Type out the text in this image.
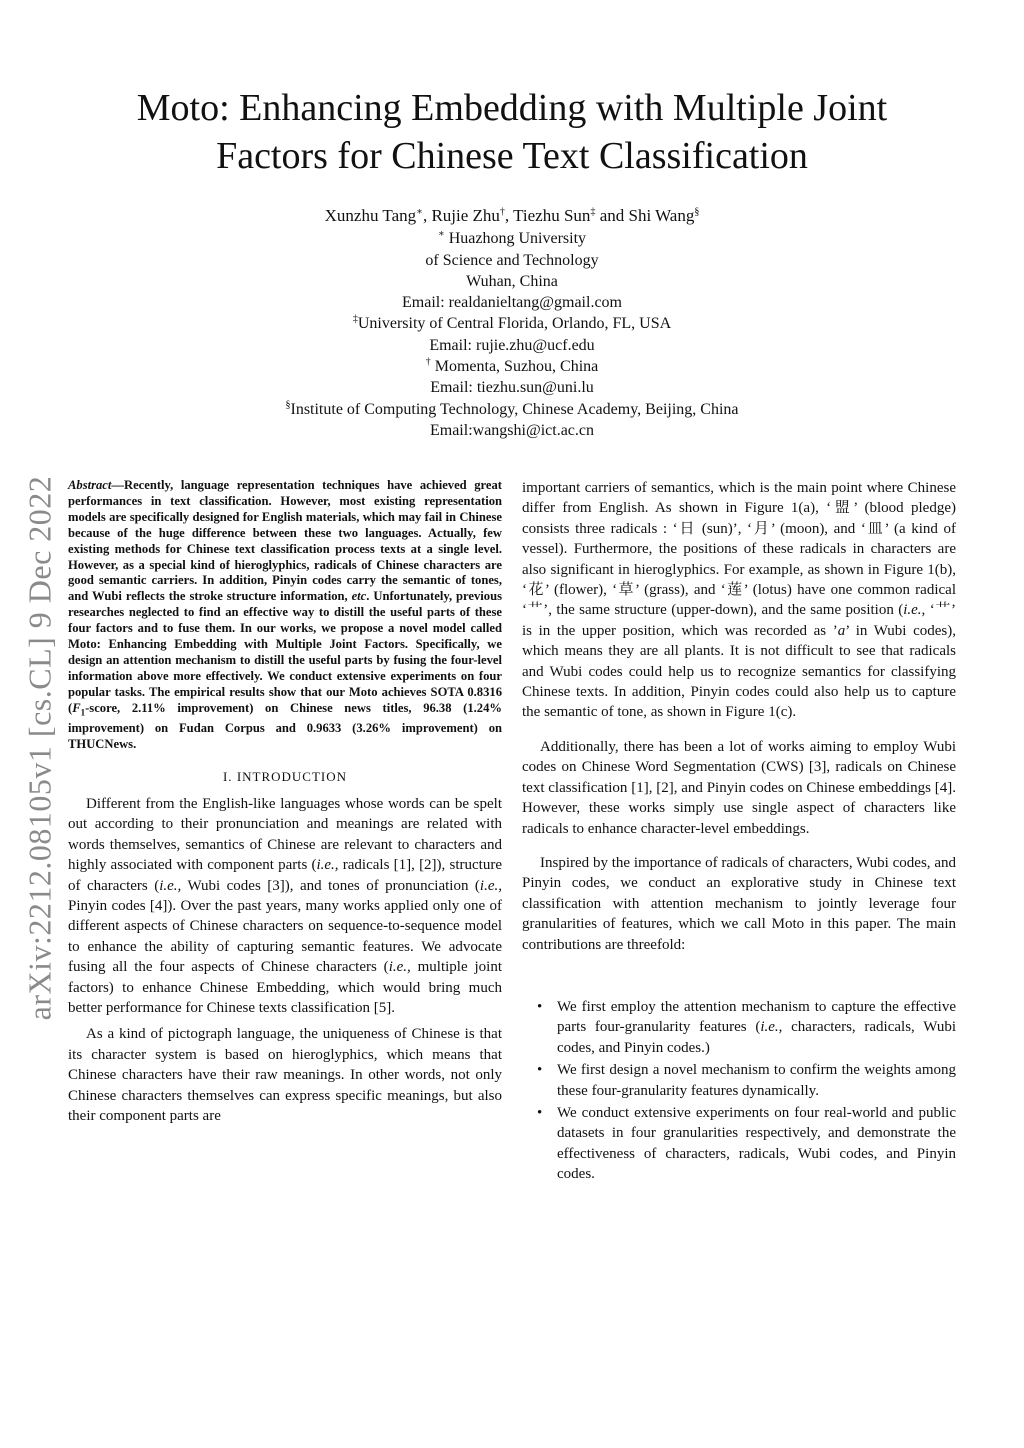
Moto: Enhancing Embedding with Multiple Joint
Factors for Chinese Text Classification
Xunzhu Tang∗, Rujie Zhu†, Tiezhu Sun‡ and Shi Wang§
∗ Huazhong University
of Science and Technology
Wuhan, China
Email: realdanieltang@gmail.com
‡University of Central Florida, Orlando, FL, USA
Email: rujie.zhu@ucf.edu
† Momenta, Suzhou, China
Email: tiezhu.sun@uni.lu
§Institute of Computing Technology, Chinese Academy, Beijing, China
Email:wangshi@ict.ac.cn
arXiv:2212.08105v1 [cs.CL] 9 Dec 2022 Abstract—Recently, language representation techniques have achieved great performances in text classification. However, most existing representation models are specifically designed for English materials, which may fail in Chinese because of the huge difference between these two languages. Actually, few existing methods for Chinese text classification process texts at a single level. However, as a special kind of hieroglyphics, radicals of Chinese characters are good semantic carriers. In addition, Pinyin codes carry the semantic of tones, and Wubi reflects the stroke structure information, etc. Unfortunately, previous researches neglected to find an effective way to distill the useful parts of these four factors and to fuse them. In our works, we propose a novel model called Moto: Enhancing Embedding with Multiple Joint Factors. Specifically, we design an attention mechanism to distill the useful parts by fusing the four-level information above more effectively. We conduct extensive experiments on four popular tasks. The empirical results show that our Moto achieves SOTA 0.8316 ($F_1$-score, 2.11% improvement) on Chinese news titles, 96.38 (1.24% improvement) on Fudan Corpus and 0.9633 (3.26% improvement) on THUCNews.

I. INTRODUCTION

Different from the English-like languages whose words can be spelt out according to their pronunciation and meanings are related with words themselves, semantics of Chinese are relevant to characters and highly associated with component parts (i.e., radicals [1], [2]), structure of characters (i.e., Wubi codes [3]), and tones of pronunciation (i.e., Pinyin codes [4]). Over the past years, many works applied only one of different aspects of Chinese characters on sequence-to-sequence model to enhance the ability of capturing semantic features. We advocate fusing all the four aspects of Chinese characters (i.e., multiple joint factors) to enhance Chinese Embedding, which would bring much better performance for Chinese texts classification [5].

As a kind of pictograph language, the uniqueness of Chinese is that its character system is based on hieroglyphics, which means that Chinese characters have their raw meanings. In other words, not only Chinese characters themselves can express specific meanings, but also their component parts are

important carriers of semantics, which is the main point where Chinese differ from English. As shown in Figure 1(a), ‘盟’ (blood pledge) consists three radicals : ‘日 (sun)’, ‘月’ (moon), and ‘皿’ (a kind of vessel). Furthermore, the positions of these radicals in characters are also significant in hieroglyphics. For example, as shown in Figure 1(b), ‘花’ (flower), ‘草’ (grass), and ‘莲’ (lotus) have one common radical ‘艹’, the same structure (upper-down), and the same position (i.e., ‘艹’ is in the upper position, which was recorded as ’a’ in Wubi codes), which means they are all plants. It is not difficult to see that radicals and Wubi codes could help us to recognize semantics for classifying Chinese texts. In addition, Pinyin codes could also help us to capture the semantic of tone, as shown in Figure 1(c).

Additionally, there has been a lot of works aiming to employ Wubi codes on Chinese Word Segmentation (CWS) [3], radicals on Chinese text classification [1], [2], and Pinyin codes on Chinese embeddings [4]. However, these works simply use single aspect of characters like radicals to enhance character-level embeddings.

Inspired by the importance of radicals of characters, Wubi codes, and Pinyin codes, we conduct an explorative study in Chinese text classification with attention mechanism to jointly leverage four granularities of features, which we call Moto in this paper. The main contributions are threefold:

• We first employ the attention mechanism to capture the effective parts four-granularity features (i.e., characters, radicals, Wubi codes, and Pinyin codes.)
• We first design a novel mechanism to confirm the weights among these four-granularity features dynamically.
• We conduct extensive experiments on four real-world and public datasets in four granularities respectively, and demonstrate the effectiveness of characters, radicals, Wubi codes, and Pinyin codes.
